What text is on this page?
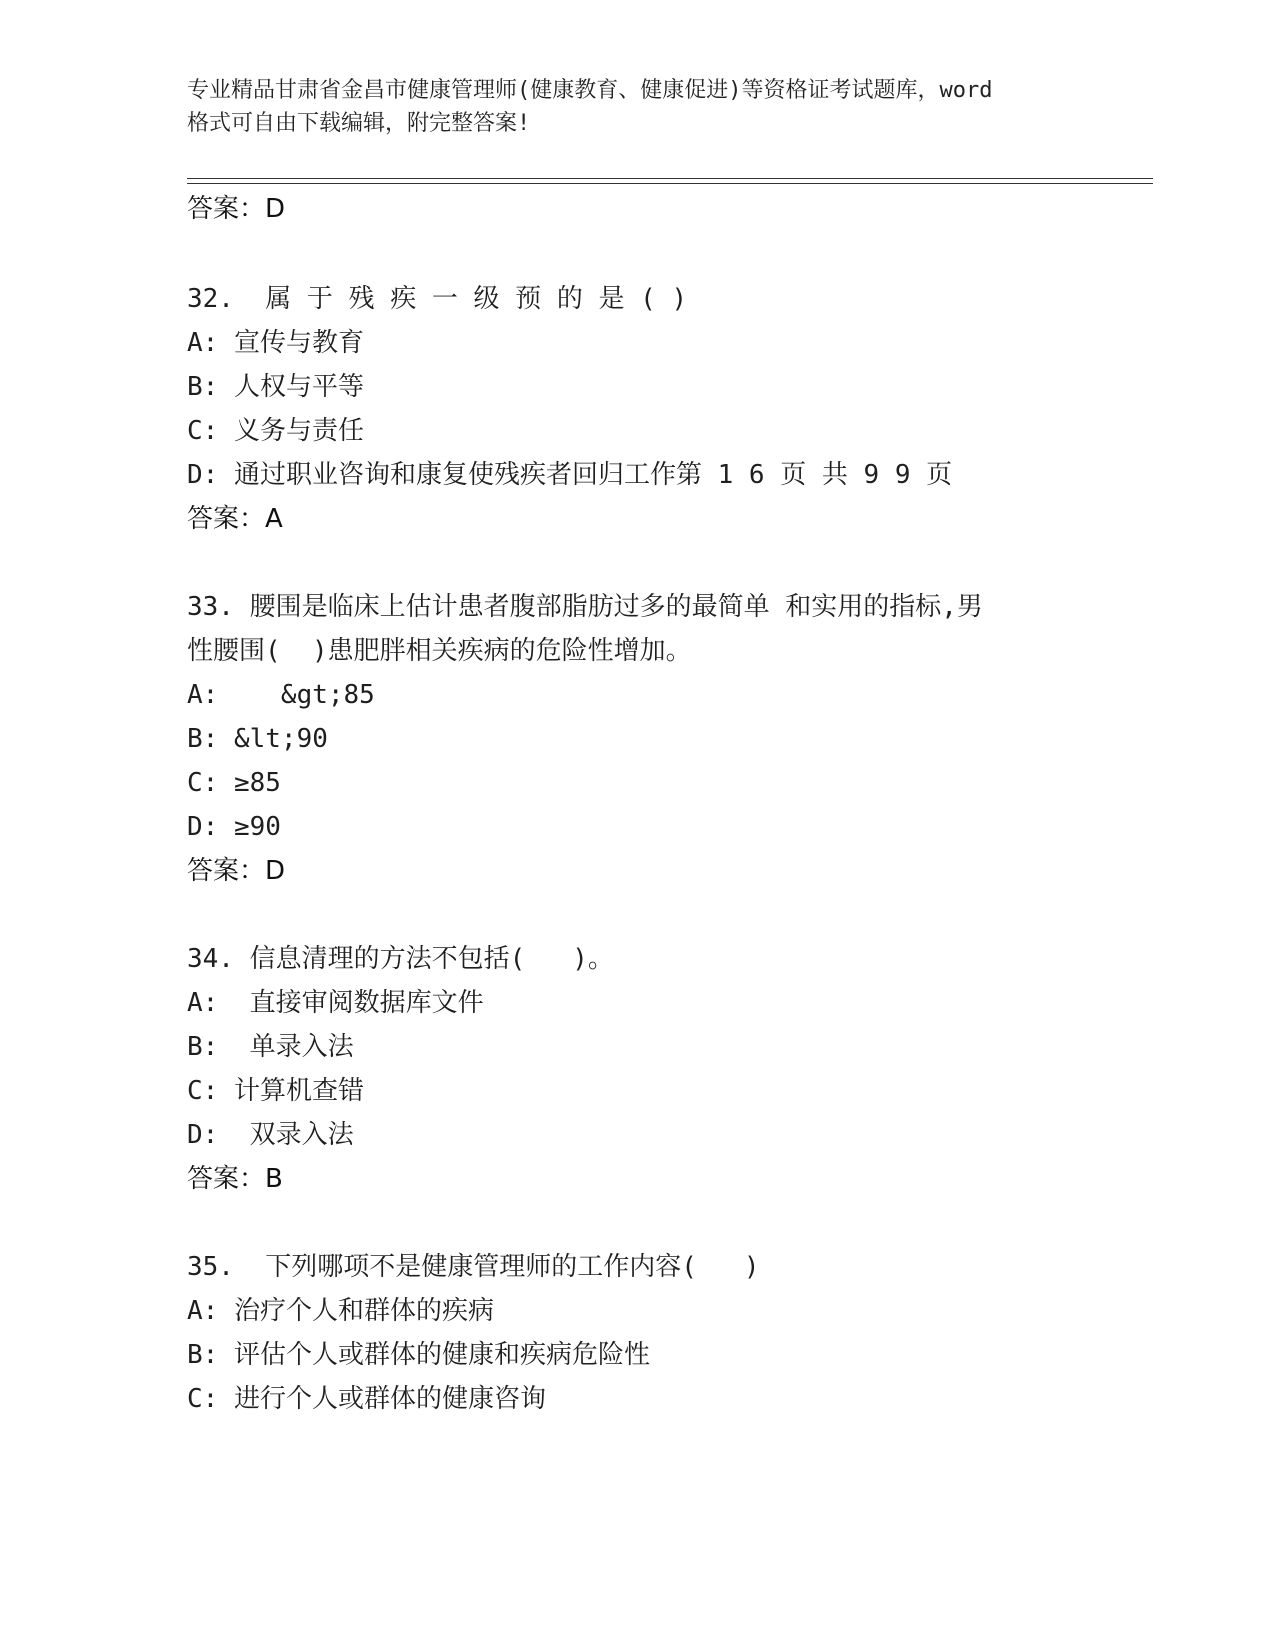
专业精品甘肃省金昌市健康管理师(健康教育、健康促进)等资格证考试题库，word
格式可自由下载编辑，附完整答案!
答案：D
32.  属 于 残 疾 一 级 预 的 是 ( )
A: 宣传与教育
B: 人权与平等
C: 义务与责任
D: 通过职业咨询和康复使残疾者回归工作第 1 6 页 共 9 9 页
答案：A
33. 腰围是临床上估计患者腹部脂肪过多的最简单 和实用的指标,男
性腰围(  )患肥胖相关疾病的危险性增加。
A:    &gt;85
B: &lt;90
C: ≥85
D: ≥90
答案：D
34. 信息清理的方法不包括(   )。
A:  直接审阅数据库文件
B:  单录入法
C: 计算机查错
D:  双录入法
答案：B
35.  下列哪项不是健康管理师的工作内容(   )
A: 治疗个人和群体的疾病
B: 评估个人或群体的健康和疾病危险性
C: 进行个人或群体的健康咨询
